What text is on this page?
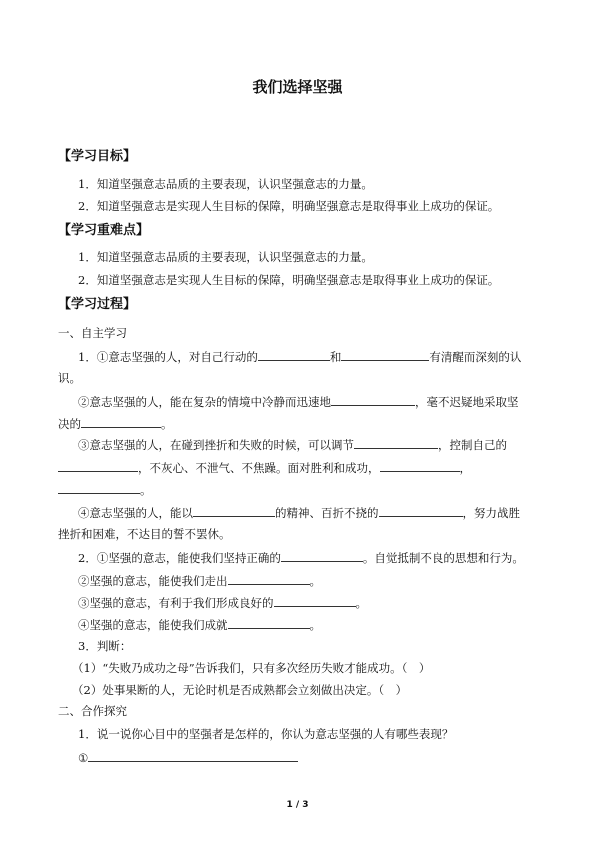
我们选择坚强
【学习目标】
1．知道坚强意志品质的主要表现，认识坚强意志的力量。
2．知道坚强意志是实现人生目标的保障，明确坚强意志是取得事业上成功的保证。
【学习重难点】
1．知道坚强意志品质的主要表现，认识坚强意志的力量。
2．知道坚强意志是实现人生目标的保障，明确坚强意志是取得事业上成功的保证。
【学习过程】
一、自主学习
1．①意志坚强的人，对自己行动的	和	有清醒而深刻的认
识。
②意志坚强的人，能在复杂的情境中冷静而迅速地	，毫不迟疑地采取坚
决的	。
③意志坚强的人，在碰到挫折和失败的时候，可以调节	，控制自己的
，不灰心、不泄气、不焦躁。面对胜利和成功，	，
。
④意志坚强的人，能以	的精神、百折不挠的	，努力战胜
挫折和困难，不达目的誓不罢休。
2．①坚强的意志，能使我们坚持正确的	。自觉抵制不良的思想和行为。
②坚强的意志，能使我们走出	。
③坚强的意志，有利于我们形成良好的	。
④坚强的意志，能使我们成就	。
3．判断：
（1）“失败乃成功之母”告诉我们，只有多次经历失败才能成功。（　）
（2）处事果断的人，无论时机是否成熟都会立刻做出决定。（　）
二、合作探究
1．说一说你心目中的坚强者是怎样的，你认为意志坚强的人有哪些表现？
①
1 / 3
